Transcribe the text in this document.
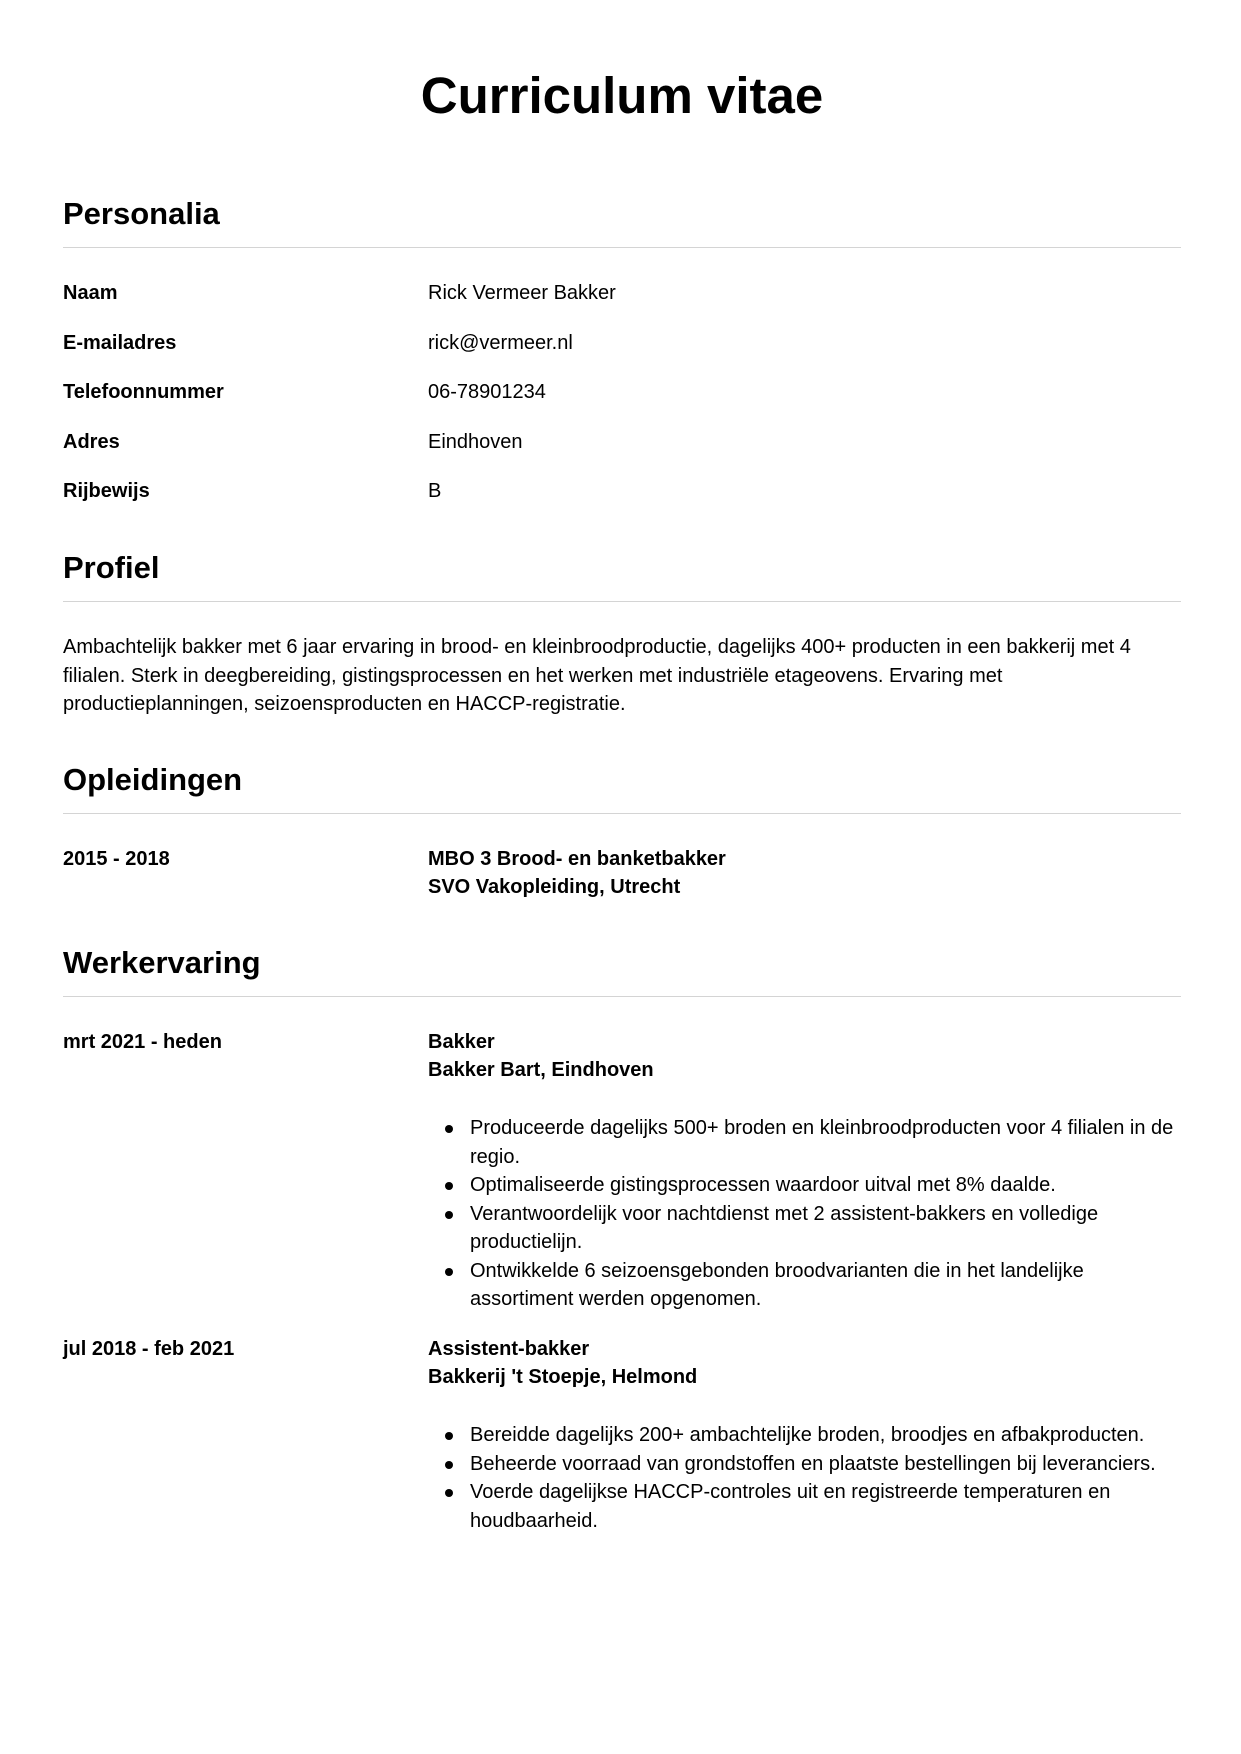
Curriculum vitae
Personalia
Naam	Rick Vermeer Bakker
E-mailadres	rick@vermeer.nl
Telefoonnummer	06-78901234
Adres	Eindhoven
Rijbewijs	B
Profiel
Ambachtelijk bakker met 6 jaar ervaring in brood- en kleinbroodproductie, dagelijks 400+ producten in een bakkerij met 4 filialen. Sterk in deegbereiding, gistingsprocessen en het werken met industriële etageovens. Ervaring met productieplanningen, seizoensproducten en HACCP-registratie.
Opleidingen
2015 - 2018	MBO 3 Brood- en banketbakker
SVO Vakopleiding, Utrecht
Werkervaring
mrt 2021 - heden	Bakker
Bakker Bart, Eindhoven
Produceerde dagelijks 500+ broden en kleinbroodproducten voor 4 filialen in de regio.
Optimaliseerde gistingsprocessen waardoor uitval met 8% daalde.
Verantwoordelijk voor nachtdienst met 2 assistent-bakkers en volledige productielijn.
Ontwikkelde 6 seizoensgebonden broodvarianten die in het landelijke assortiment werden opgenomen.
jul 2018 - feb 2021	Assistent-bakker
Bakkerij 't Stoepje, Helmond
Bereidde dagelijks 200+ ambachtelijke broden, broodjes en afbakproducten.
Beheerde voorraad van grondstoffen en plaatste bestellingen bij leveranciers.
Voerde dagelijkse HACCP-controles uit en registreerde temperaturen en houdbaarheid.
